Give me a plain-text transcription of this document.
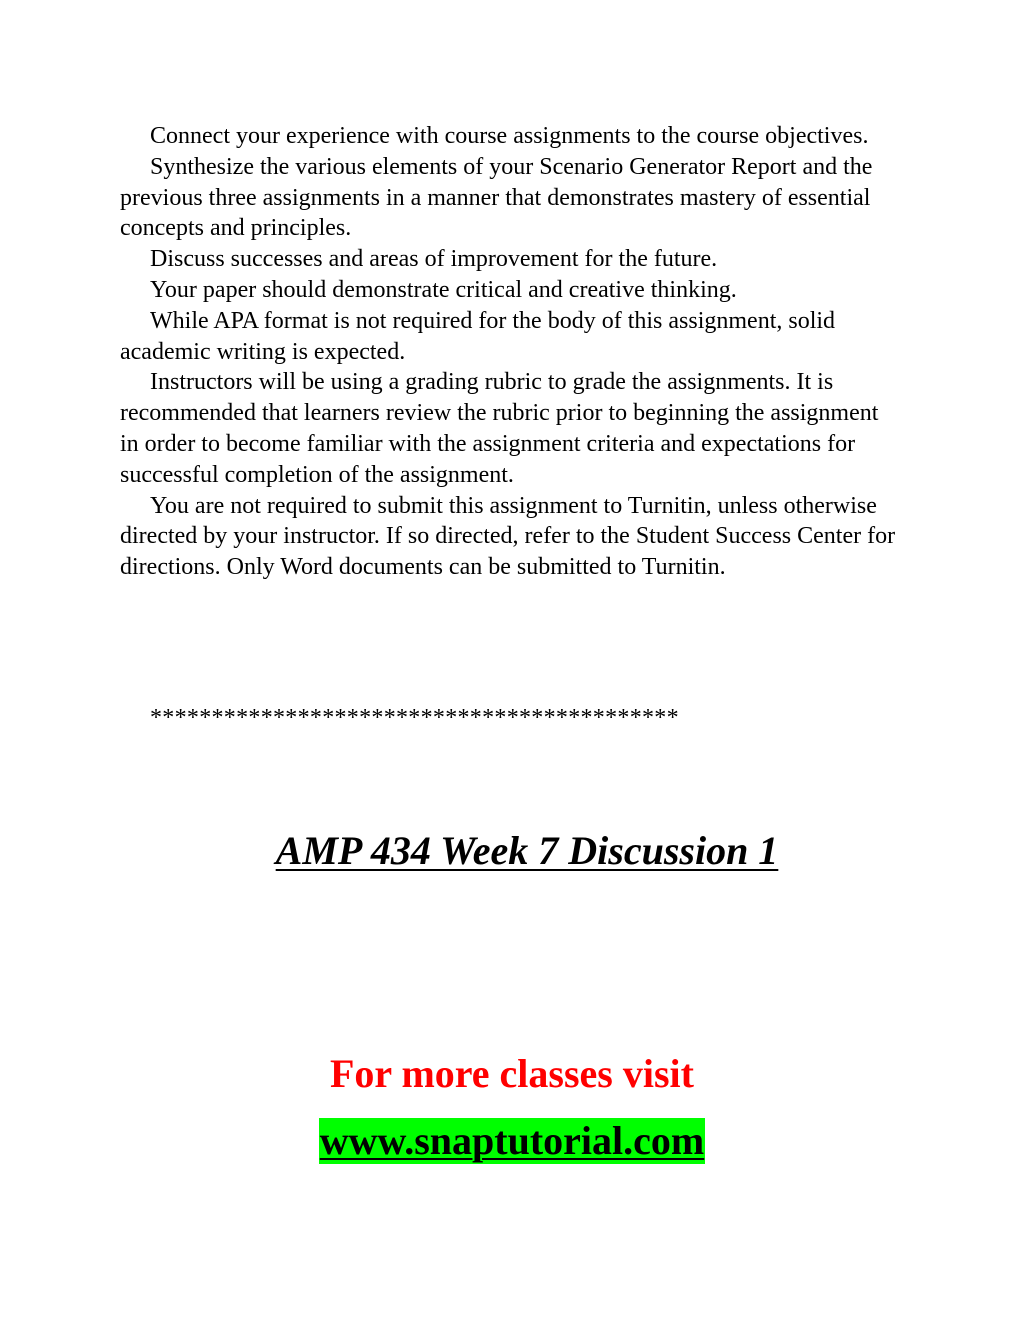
Connect your experience with course assignments to the course objectives.

Synthesize the various elements of your Scenario Generator Report and the previous three assignments in a manner that demonstrates mastery of essential concepts and principles.

Discuss successes and areas of improvement for the future.

Your paper should demonstrate critical and creative thinking.

While APA format is not required for the body of this assignment, solid academic writing is expected.

Instructors will be using a grading rubric to grade the assignments. It is recommended that learners review the rubric prior to beginning the assignment in order to become familiar with the assignment criteria and expectations for successful completion of the assignment.

You are not required to submit this assignment to Turnitin, unless otherwise directed by your instructor. If so directed, refer to the Student Success Center for directions. Only Word documents can be submitted to Turnitin.

*******************************************
AMP 434 Week 7 Discussion 1
For more classes visit
www.snaptutorial.com
